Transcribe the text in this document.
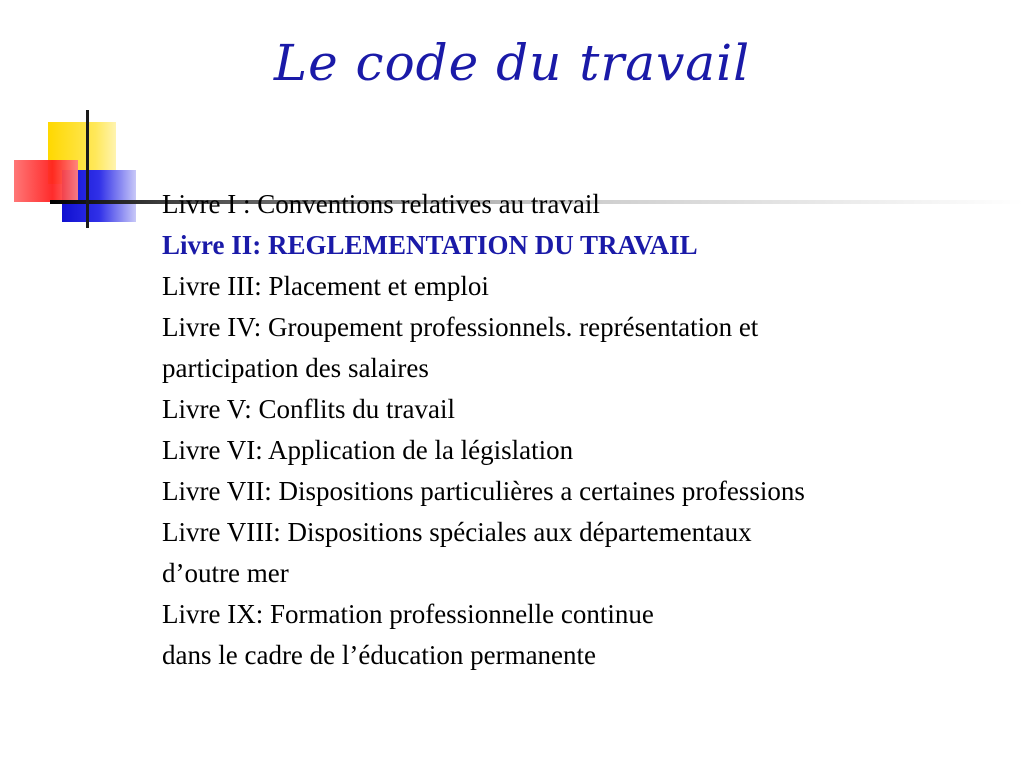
Le code du travail

Livre I : Conventions relatives au travail

Livre II: REGLEMENTATION DU TRAVAIL

Livre III: Placement et emploi

Livre IV: Groupement professionnels. représentation et

participation des salaires

Livre V: Conflits du travail

Livre VI: Application de la législation

Livre VII: Dispositions particulières a certaines professions

Livre VIII: Dispositions spéciales aux départementaux

d’outre mer

Livre IX: Formation professionnelle continue

dans le cadre de l’éducation permanente
